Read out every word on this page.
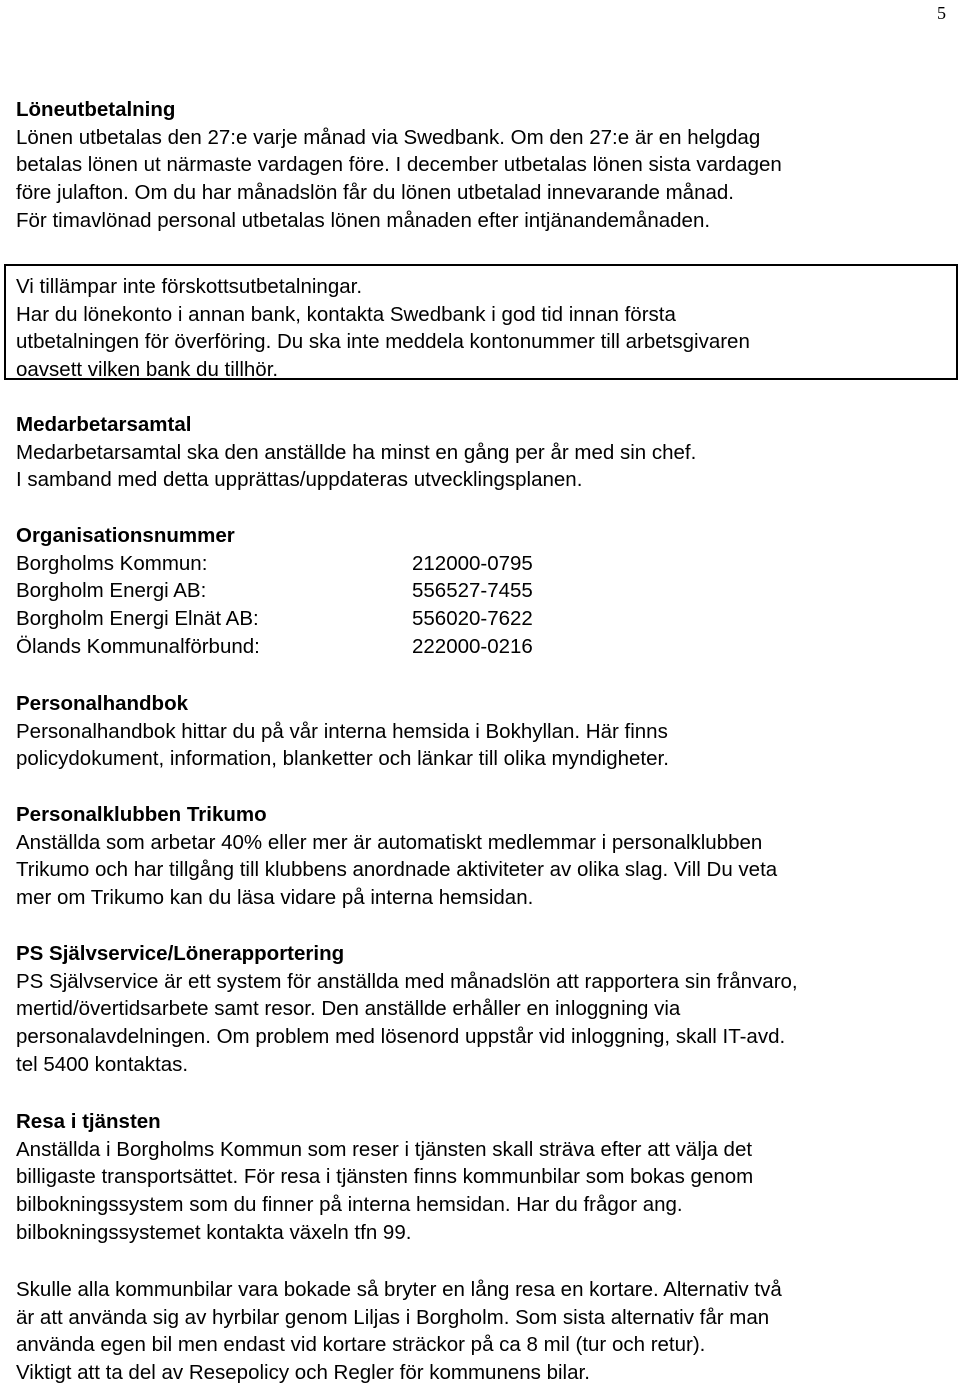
5

Löneutbetalning

Lönen utbetalas den 27:e varje månad via Swedbank. Om den 27:e är en helgdag

betalas lönen ut närmaste vardagen före. I december utbetalas lönen sista vardagen

före julafton. Om du har månadslön får du lönen utbetalad innevarande månad.

För timavlönad personal utbetalas lönen månaden efter intjänandemånaden.

Vi tillämpar inte förskottsutbetalningar.

Har du lönekonto i annan bank, kontakta Swedbank i god tid innan första

utbetalningen för överföring. Du ska inte meddela kontonummer till arbetsgivaren

oavsett vilken bank du tillhör.

Medarbetarsamtal

Medarbetarsamtal ska den anställde ha minst en gång per år med sin chef.

I samband med detta upprättas/uppdateras utvecklingsplanen.

Organisationsnummer

Borgholms Kommun:	212000-0795
Borgholm Energi AB:	556527-7455
Borgholm Energi Elnät AB:	556020-7622
Ölands Kommunalförbund:	222000-0216

Personalhandbok

Personalhandbok hittar du på vår interna hemsida i Bokhyllan. Här finns

policydokument, information, blanketter och länkar till olika myndigheter.

Personalklubben Trikumo

Anställda som arbetar 40% eller mer är automatiskt medlemmar i personalklubben

Trikumo och har tillgång till klubbens anordnade aktiviteter av olika slag. Vill Du veta

mer om Trikumo kan du läsa vidare på interna hemsidan.

PS Självservice/Lönerapportering

PS Självservice är ett system för anställda med månadslön att rapportera sin frånvaro,

mertid/övertidsarbete samt resor. Den anställde erhåller en inloggning via

personalavdelningen. Om problem med lösenord uppstår vid inloggning, skall IT-avd.

tel 5400 kontaktas.

Resa i tjänsten

Anställda i Borgholms Kommun som reser i tjänsten skall sträva efter att välja det

billigaste transportsättet. För resa i tjänsten finns kommunbilar som bokas genom

bilbokningssystem som du finner på interna hemsidan. Har du frågor ang.

bilbokningssystemet kontakta växeln tfn 99.

Skulle alla kommunbilar vara bokade så bryter en lång resa en kortare. Alternativ två

är att använda sig av hyrbilar genom Liljas i Borgholm. Som sista alternativ får man

använda egen bil men endast vid kortare sträckor på ca 8 mil (tur och retur).

Viktigt att ta del av Resepolicy och Regler för kommunens bilar.
